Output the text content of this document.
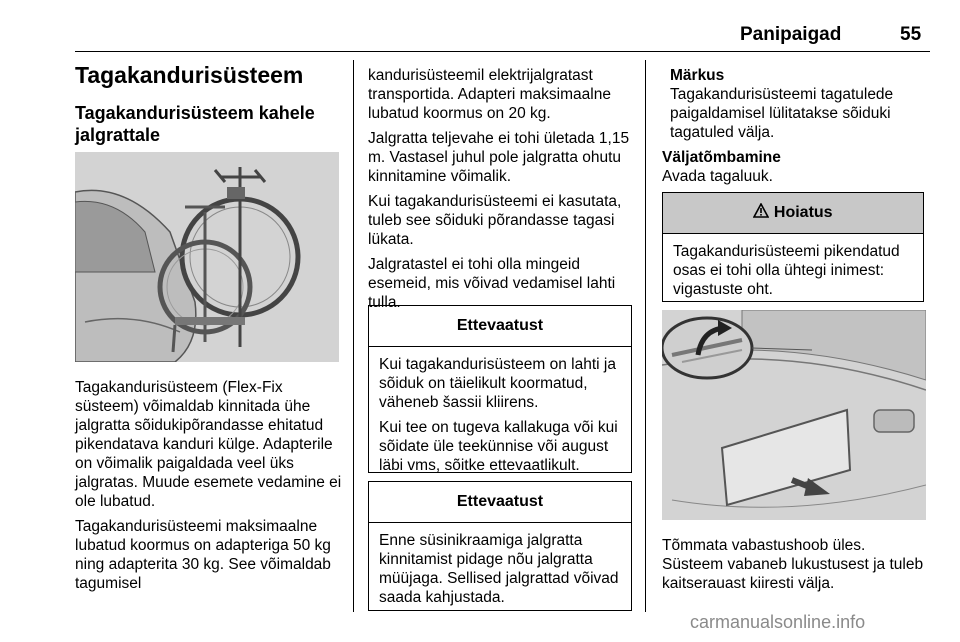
Panipaigad	55
Tagakandurisüsteem
Tagakandurisüsteem kahele jalgrattale

Tagakandurisüsteem (Flex-Fix süsteem) võimaldab kinnitada ühe jalgratta sõidukipõrandasse ehitatud pikendatava kanduri külge. Adapterile on võimalik paigaldada veel üks jalgratas. Muude esemete vedamine ei ole lubatud.

Tagakandurisüsteemi maksimaalne lubatud koormus on adapteriga 50 kg ning adapterita 30 kg. See võimaldab tagumisel

kandurisüsteemil elektrijalgratast transportida. Adapteri maksimaalne lubatud koormus on 20 kg.

Jalgratta teljevahe ei tohi ületada 1,15 m. Vastasel juhul pole jalgratta ohutu kinnitamine võimalik.

Kui tagakandurisüsteemi ei kasutata, tuleb see sõiduki põrandasse tagasi lükata.

Jalgratastel ei tohi olla mingeid esemeid, mis võivad vedamisel lahti tulla.

Ettevaatust

Kui tagakandurisüsteem on lahti ja sõiduk on täielikult koormatud, väheneb šassii kliirens.

Kui tee on tugeva kallakuga või kui sõidate üle teekünnise või august läbi vms, sõitke ettevaatlikult.

Ettevaatust

Enne süsinikraamiga jalgratta kinnitamist pidage nõu jalgratta müüjaga. Sellised jalgrattad võivad saada kahjustada.

Märkus
Tagakandurisüsteemi tagatulede paigaldamisel lülitatakse sõiduki tagatuled välja.
Väljatõmbamine
Avada tagaluuk.
Hoiatus
Tagakandurisüsteemi pikendatud osas ei tohi olla ühtegi inimest: vigastuste oht.

Tõmmata vabastushoob üles. Süsteem vabaneb lukustusest ja tuleb kaitserauast kiiresti välja.

carmanualsonline.info
